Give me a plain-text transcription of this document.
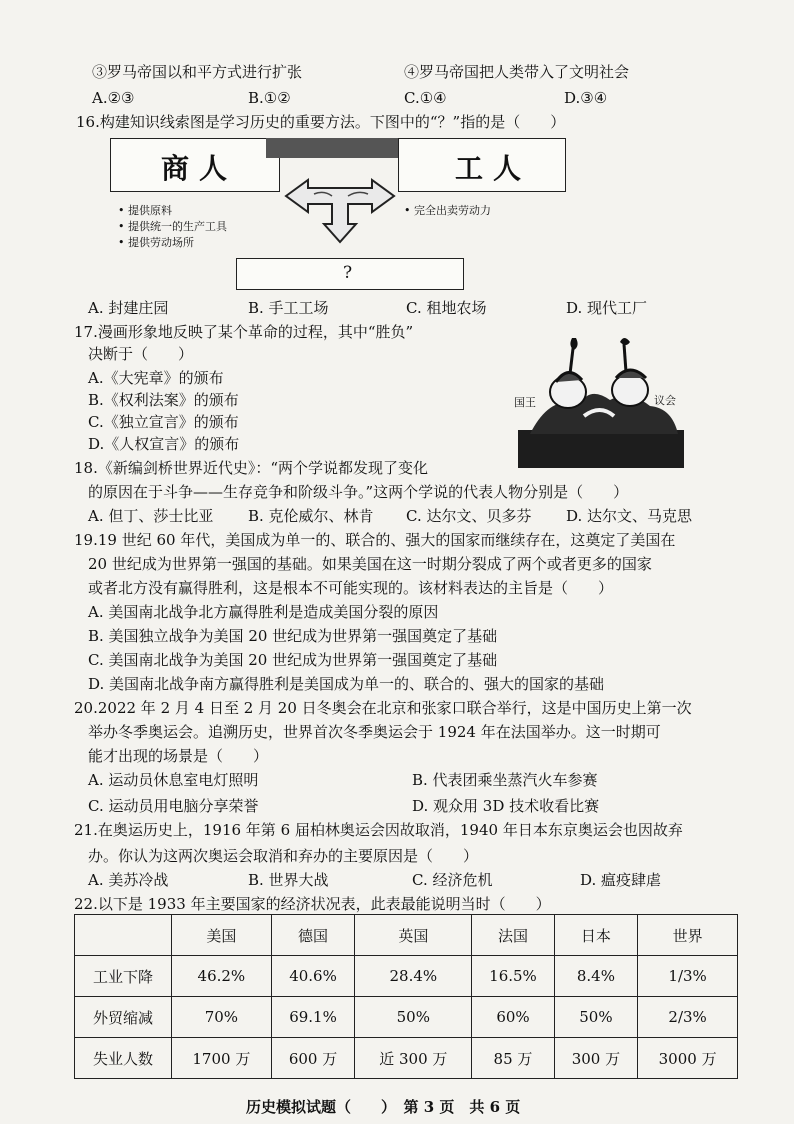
③罗马帝国以和平方式进行扩张	④罗马帝国把人类带入了文明社会
A.②③	B.①②	C.①④	D.③④
16.构建知识线索图是学习历史的重要方法。下图中的“？”指的是（　　）
商人	工人
• 提供原料
• 提供统一的生产工具
• 提供劳动场所
• 完全出卖劳动力
?
A. 封建庄园	B. 手工工场	C. 租地农场	D. 现代工厂
17.漫画形象地反映了某个革命的过程，其中“胜负”
决断于（　　）
A.《大宪章》的颁布
B.《权利法案》的颁布
C.《独立宣言》的颁布
D.《人权宣言》的颁布
国王	议会
18.《新编剑桥世界近代史》：“两个学说都发现了变化
的原因在于斗争——生存竞争和阶级斗争。”这两个学说的代表人物分别是（　　）
A. 但丁、莎士比亚 B. 克伦威尔、林肯 C. 达尔文、贝多芬 D. 达尔文、马克思
19.19 世纪 60 年代，美国成为单一的、联合的、强大的国家而继续存在，这奠定了美国在
20 世纪成为世界第一强国的基础。如果美国在这一时期分裂成了两个或者更多的国家
或者北方没有赢得胜利，这是根本不可能实现的。该材料表达的主旨是（　　）
A. 美国南北战争北方赢得胜利是造成美国分裂的原因
B. 美国独立战争为美国 20 世纪成为世界第一强国奠定了基础
C. 美国南北战争为美国 20 世纪成为世界第一强国奠定了基础
D. 美国南北战争南方赢得胜利是美国成为单一的、联合的、强大的国家的基础
20.2022 年 2 月 4 日至 2 月 20 日冬奥会在北京和张家口联合举行，这是中国历史上第一次
举办冬季奥运会。追溯历史，世界首次冬季奥运会于 1924 年在法国举办。这一时期可
能才出现的场景是（　　）
A. 运动员休息室电灯照明	B. 代表团乘坐蒸汽火车参赛
C. 运动员用电脑分享荣誉	D. 观众用 3D 技术收看比赛
21.在奥运历史上，1916 年第 6 届柏林奥运会因故取消，1940 年日本东京奥运会也因故弃
办。你认为这两次奥运会取消和弃办的主要原因是（　　）
A. 美苏冷战	B. 世界大战	C. 经济危机	D. 瘟疫肆虐
22.以下是 1933 年主要国家的经济状况表，此表最能说明当时（　　）
	美国	德国	英国	法国	日本	世界
工业下降	46.2%	40.6%	28.4%	16.5%	8.4%	1/3%
外贸缩减	70%	69.1%	50%	60%	50%	2/3%
失业人数	1700 万	600 万	近 300 万	85 万	300 万	3000 万
历史模拟试题（　　）　第 3 页　共 6 页
